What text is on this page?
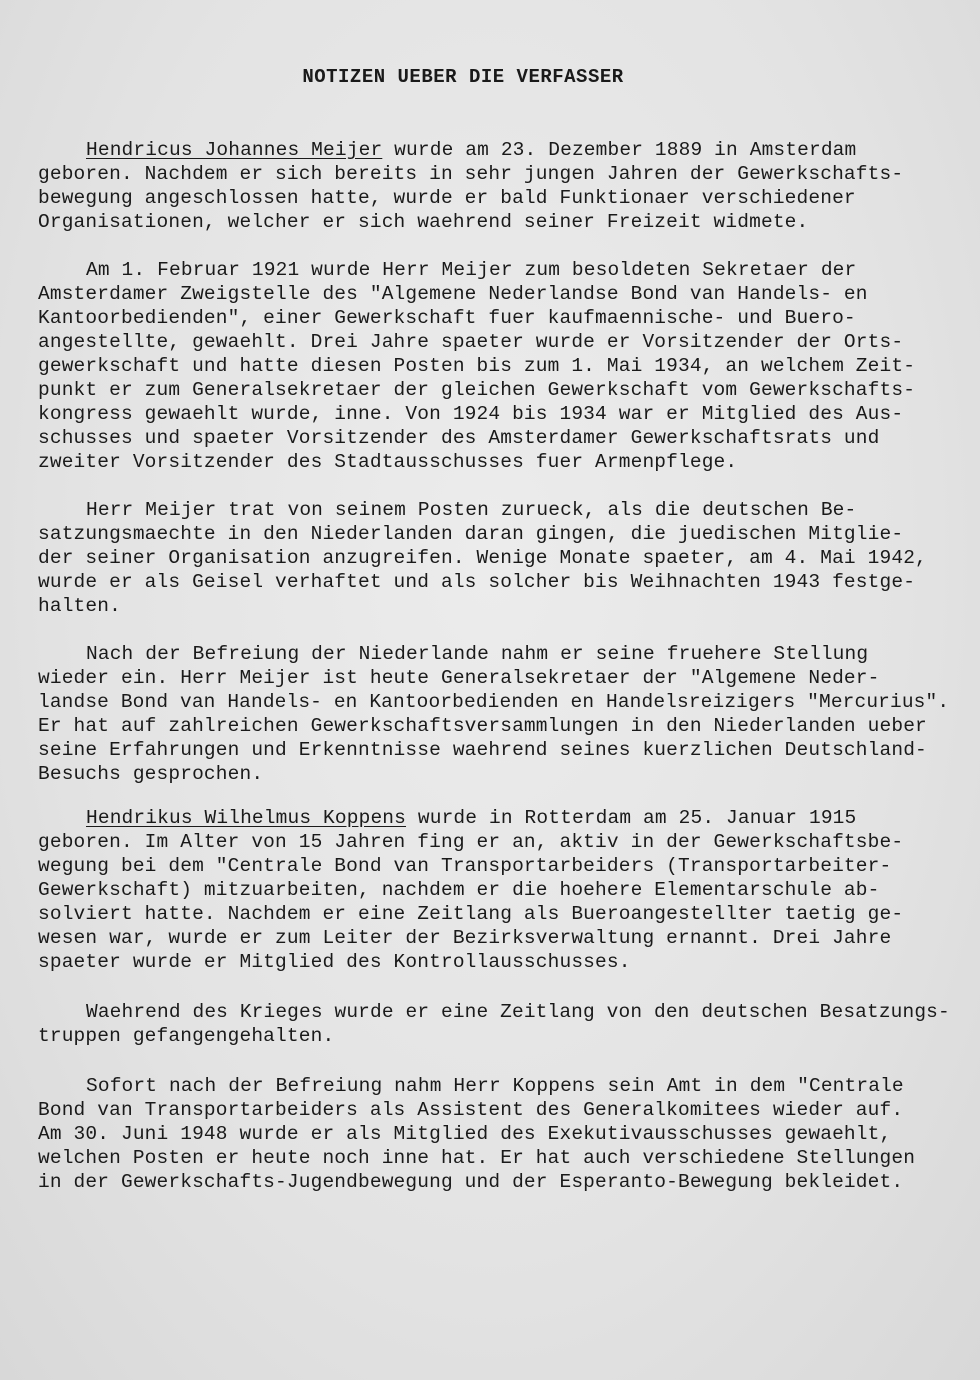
NOTIZEN UEBER DIE VERFASSER

Hendricus Johannes Meijer wurde am 23. Dezember 1889 in Amsterdam

geboren. Nachdem er sich bereits in sehr jungen Jahren der Gewerkschafts-

bewegung angeschlossen hatte, wurde er bald Funktionaer verschiedener

Organisationen, welcher er sich waehrend seiner Freizeit widmete.

Am 1. Februar 1921 wurde Herr Meijer zum besoldeten Sekretaer der

Amsterdamer Zweigstelle des "Algemene Nederlandse Bond van Handels- en

Kantoorbedienden", einer Gewerkschaft fuer kaufmaennische- und Buero-

angestellte, gewaehlt. Drei Jahre spaeter wurde er Vorsitzender der Orts-

gewerkschaft und hatte diesen Posten bis zum 1. Mai 1934, an welchem Zeit-

punkt er zum Generalsekretaer der gleichen Gewerkschaft vom Gewerkschafts-

kongress gewaehlt wurde, inne. Von 1924 bis 1934 war er Mitglied des Aus-

schusses und spaeter Vorsitzender des Amsterdamer Gewerkschaftsrats und

zweiter Vorsitzender des Stadtausschusses fuer Armenpflege.

Herr Meijer trat von seinem Posten zurueck, als die deutschen Be-

satzungsmaechte in den Niederlanden daran gingen, die juedischen Mitglie-

der seiner Organisation anzugreifen. Wenige Monate spaeter, am 4. Mai 1942,

wurde er als Geisel verhaftet und als solcher bis Weihnachten 1943 festge-

halten.

Nach der Befreiung der Niederlande nahm er seine fruehere Stellung

wieder ein. Herr Meijer ist heute Generalsekretaer der "Algemene Neder-

landse Bond van Handels- en Kantoorbedienden en Handelsreizigers "Mercurius".

Er hat auf zahlreichen Gewerkschaftsversammlungen in den Niederlanden ueber

seine Erfahrungen und Erkenntnisse waehrend seines kuerzlichen Deutschland-

Besuchs gesprochen.

Hendrikus Wilhelmus Koppens wurde in Rotterdam am 25. Januar 1915

geboren. Im Alter von 15 Jahren fing er an, aktiv in der Gewerkschaftsbe-

wegung bei dem "Centrale Bond van Transportarbeiders (Transportarbeiter-

Gewerkschaft) mitzuarbeiten, nachdem er die hoehere Elementarschule ab-

solviert hatte. Nachdem er eine Zeitlang als Bueroangestellter taetig ge-

wesen war, wurde er zum Leiter der Bezirksverwaltung ernannt. Drei Jahre

spaeter wurde er Mitglied des Kontrollausschusses.

Waehrend des Krieges wurde er eine Zeitlang von den deutschen Besatzungs-

truppen gefangengehalten.

Sofort nach der Befreiung nahm Herr Koppens sein Amt in dem "Centrale

Bond van Transportarbeiders als Assistent des Generalkomitees wieder auf.

Am 30. Juni 1948 wurde er als Mitglied des Exekutivausschusses gewaehlt,

welchen Posten er heute noch inne hat. Er hat auch verschiedene Stellungen

in der Gewerkschafts-Jugendbewegung und der Esperanto-Bewegung bekleidet.
